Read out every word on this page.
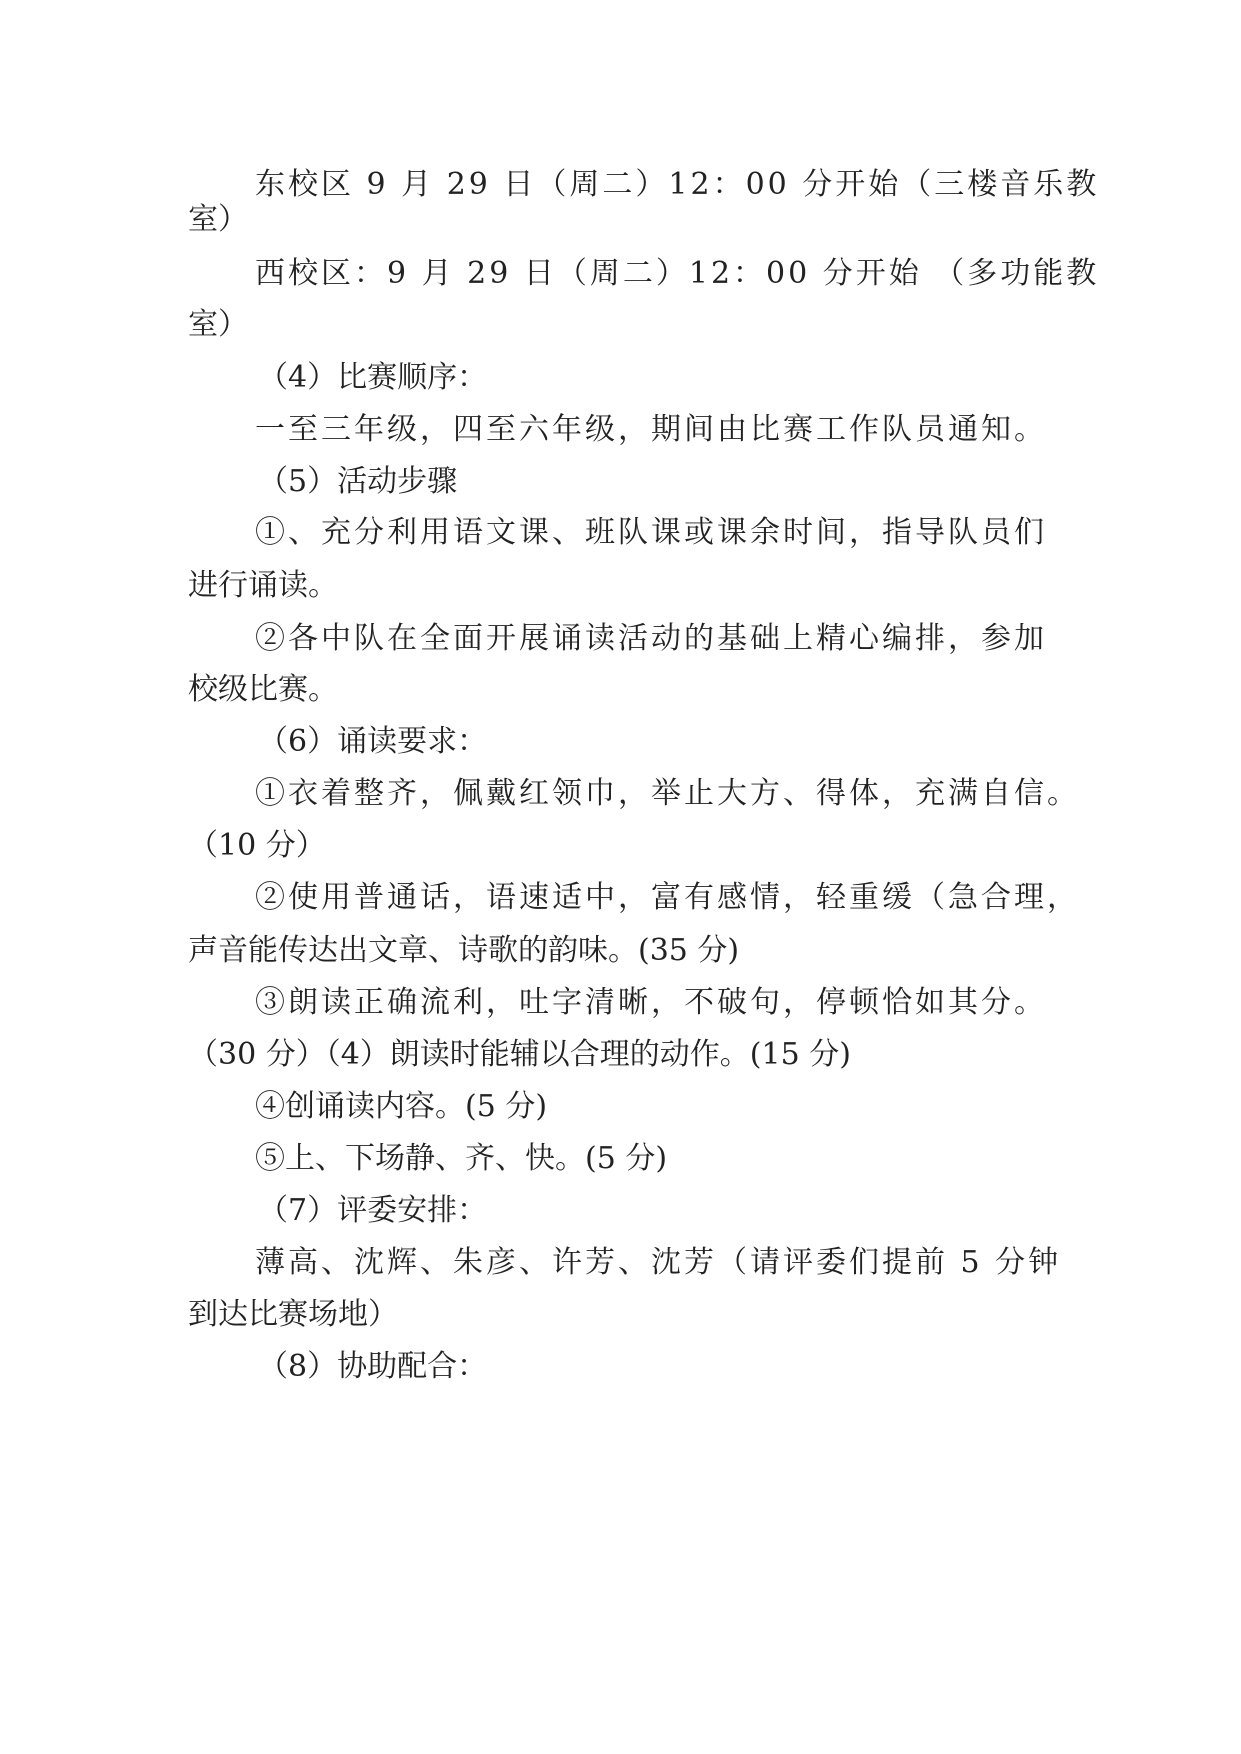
东校区 9 月 29 日（周二）12：00 分开始（三楼音乐教
室）
西校区：9 月 29 日（周二）12：00 分开始 （多功能教
室）
（4）比赛顺序：
一至三年级，四至六年级，期间由比赛工作队员通知。
（5）活动步骤
①、充分利用语文课、班队课或课余时间，指导队员们
进行诵读。
②各中队在全面开展诵读活动的基础上精心编排，参加
校级比赛。
（6）诵读要求：
①衣着整齐，佩戴红领巾，举止大方、得体，充满自信。
（10 分）
②使用普通话，语速适中，富有感情，轻重缓（急合理，
声音能传达出文章、诗歌的韵味。(35 分)
③朗读正确流利，吐字清晰，不破句，停顿恰如其分。
（30 分）（4）朗读时能辅以合理的动作。(15 分)
④创诵读内容。(5 分)
⑤上、下场静、齐、快。(5 分)
（7）评委安排：
薄高、沈辉、朱彦、许芳、沈芳（请评委们提前 5 分钟
到达比赛场地）
（8）协助配合：
